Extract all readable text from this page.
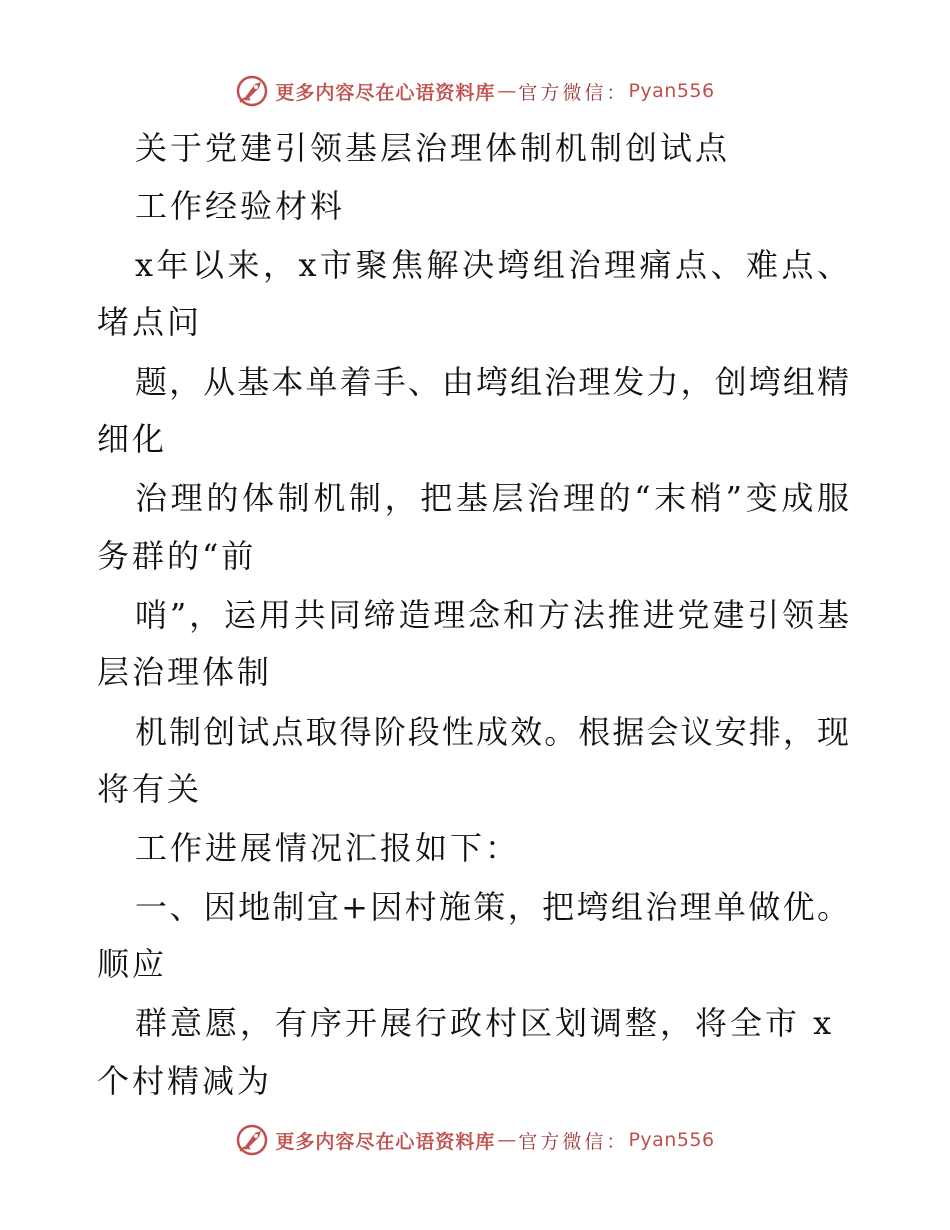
更多内容尽在心语资料库 — 官方微信： Pyan556
关于党建引领基层治理体制机制创试点
工作经验材料
x年以来，x市聚焦解决塆组治理痛点、难点、
堵点问
题，从基本单着手、由塆组治理发力，创塆组精
细化
治理的体制机制，把基层治理的“末梢”变成服
务群的“前
哨”，运用共同缔造理念和方法推进党建引领基
层治理体制
机制创试点取得阶段性成效。根据会议安排，现
将有关
工作进展情况汇报如下：
一、因地制宜+因村施策，把塆组治理单做优。
顺应
群意愿，有序开展行政村区划调整，将全市 x
个村精减为
更多内容尽在心语资料库 — 官方微信： Pyan556
